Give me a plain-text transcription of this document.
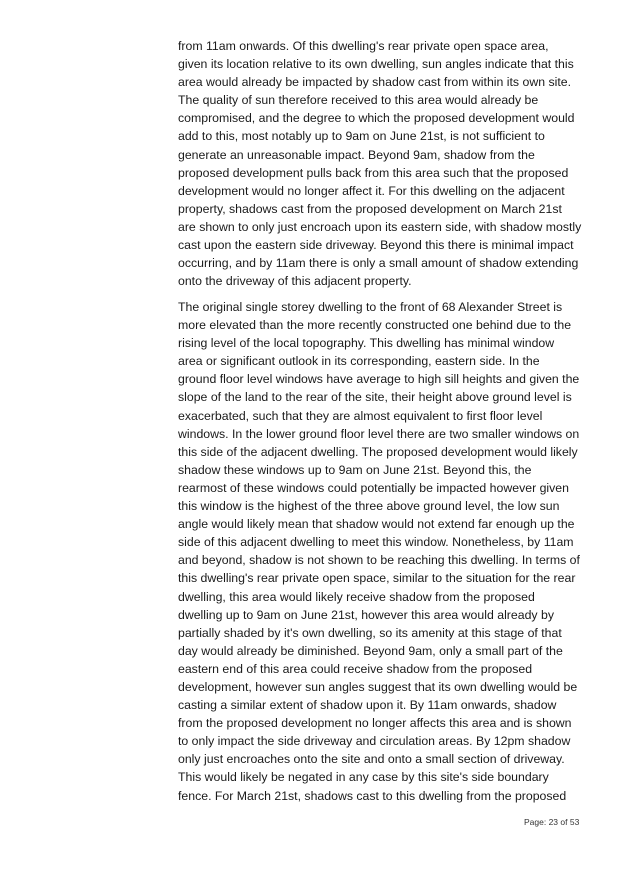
from 11am onwards. Of this dwelling's rear private open space area,
given its location relative to its own dwelling, sun angles indicate that this
area would already be impacted by shadow cast from within its own site.
The quality of sun therefore received to this area would already be
compromised, and the degree to which the proposed development would
add to this, most notably up to 9am on June 21st, is not sufficient to
generate an unreasonable impact. Beyond 9am, shadow from the
proposed development pulls back from this area such that the proposed
development would no longer affect it. For this dwelling on the adjacent
property, shadows cast from the proposed development on March 21st
are shown to only just encroach upon its eastern side, with shadow mostly
cast upon the eastern side driveway. Beyond this there is minimal impact
occurring, and by 11am there is only a small amount of shadow extending
onto the driveway of this adjacent property.
The original single storey dwelling to the front of 68 Alexander Street is
more elevated than the more recently constructed one behind due to the
rising level of the local topography. This dwelling has minimal window
area or significant outlook in its corresponding, eastern side. In the
ground floor level windows have average to high sill heights and given the
slope of the land to the rear of the site, their height above ground level is
exacerbated, such that they are almost equivalent to first floor level
windows. In the lower ground floor level there are two smaller windows on
this side of the adjacent dwelling. The proposed development would likely
shadow these windows up to 9am on June 21st. Beyond this, the
rearmost of these windows could potentially be impacted however given
this window is the highest of the three above ground level, the low sun
angle would likely mean that shadow would not extend far enough up the
side of this adjacent dwelling to meet this window. Nonetheless, by 11am
and beyond, shadow is not shown to be reaching this dwelling. In terms of
this dwelling's rear private open space, similar to the situation for the rear
dwelling, this area would likely receive shadow from the proposed
dwelling up to 9am on June 21st, however this area would already by
partially shaded by it's own dwelling, so its amenity at this stage of that
day would already be diminished. Beyond 9am, only a small part of the
eastern end of this area could receive shadow from the proposed
development, however sun angles suggest that its own dwelling would be
casting a similar extent of shadow upon it. By 11am onwards, shadow
from the proposed development no longer affects this area and is shown
to only impact the side driveway and circulation areas. By 12pm shadow
only just encroaches onto the site and onto a small section of driveway.
This would likely be negated in any case by this site's side boundary
fence. For March 21st, shadows cast to this dwelling from the proposed
Page: 23 of 53
